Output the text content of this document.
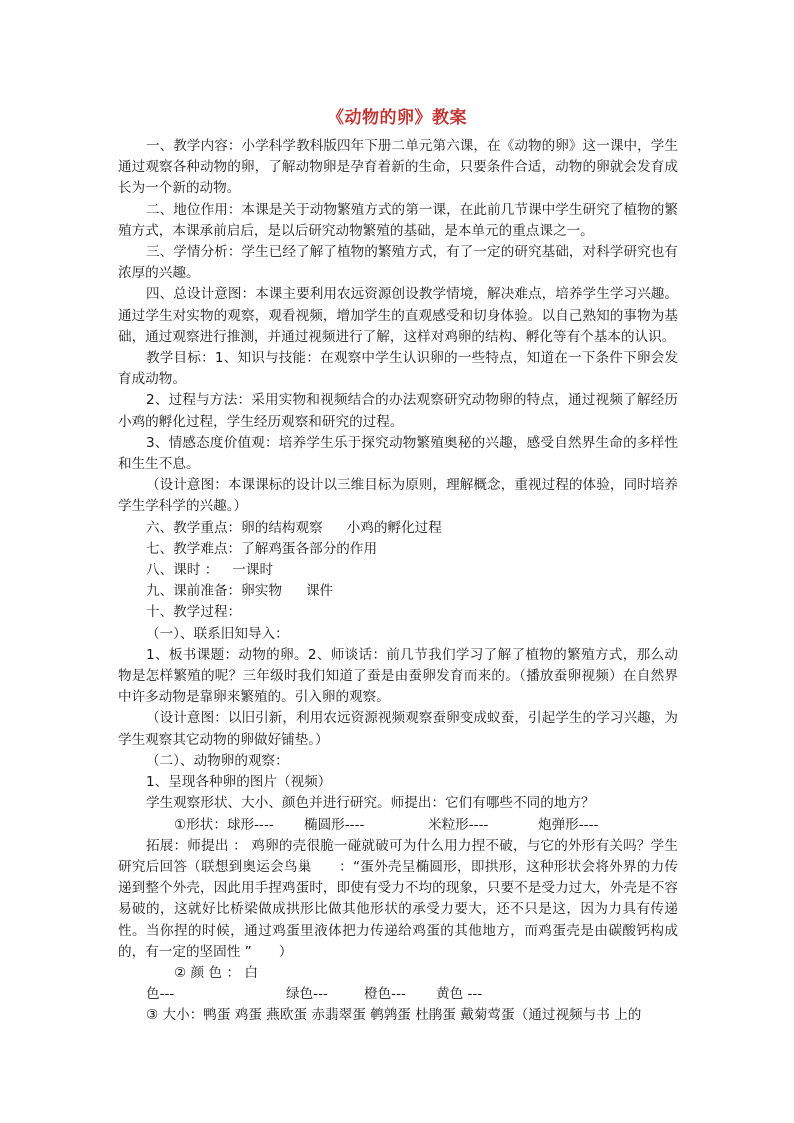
《动物的卵》教案

一、教学内容：小学科学教科版四年下册二单元第六课，在《动物的卵》这一课中，学生通过观察各种动物的卵，了解动物卵是孕育着新的生命，只要条件合适，动物的卵就会发育成长为一个新的动物。

二、地位作用：本课是关于动物繁殖方式的第一课，在此前几节课中学生研究了植物的繁殖方式，本课承前启后，是以后研究动物繁殖的基础，是本单元的重点课之一。

三、学情分析：学生已经了解了植物的繁殖方式，有了一定的研究基础，对科学研究也有浓厚的兴趣。

四、总设计意图：本课主要利用农远资源创设教学情境，解决难点，培养学生学习兴趣。通过学生对实物的观察，观看视频，增加学生的直观感受和切身体验。以自己熟知的事物为基础，通过观察进行推测，并通过视频进行了解，这样对鸡卵的结构、孵化等有个基本的认识。

教学目标：1、知识与技能：在观察中学生认识卵的一些特点，知道在一下条件下卵会发育成动物。

2、过程与方法：采用实物和视频结合的办法观察研究动物卵的特点，通过视频了解经历小鸡的孵化过程，学生经历观察和研究的过程。

3、情感态度价值观：培养学生乐于探究动物繁殖奥秘的兴趣，感受自然界生命的多样性和生生不息。

（设计意图：本课课标的设计以三维目标为原则，理解概念，重视过程的体验，同时培养学生学科学的兴趣。）

六、教学重点：卵的结构观察 小鸡的孵化过程

七、教学难点：了解鸡蛋各部分的作用

八、课时 ： 一课时

九、课前准备：卵实物 课件

十、教学过程：

（一）、联系旧知导入：

1、板书课题：动物的卵。2、师谈话：前几节我们学习了解了植物的繁殖方式，那么动物是怎样繁殖的呢？三年级时我们知道了蚕是由蚕卵发育而来的。（播放蚕卵视频）在自然界中许多动物是靠卵来繁殖的。引入卵的观察。

（设计意图：以旧引新，利用农远资源视频观察蚕卵变成蚁蚕，引起学生的学习兴趣，为学生观察其它动物的卵做好铺垫。）

（二）、动物卵的观察：

1、呈现各种卵的图片（视频）

学生观察形状、大小、颜色并进行研究。师提出：它们有哪些不同的地方？

①形状：球形---- 椭圆形----	米粒形----	炮弹形----

拓展：师提出 ： 鸡卵的壳很脆一碰就破可为什么用力捏不破，与它的外形有关吗？学生研究后回答（联想到奥运会鸟巢　　：“蛋外壳呈椭圆形，即拱形，这种形状会将外界的力传递到整个外壳，因此用手捏鸡蛋时，即使有受力不均的现象，只要不是受力过大，外壳是不容易破的，这就好比桥梁做成拱形比做其他形状的承受力要大，还不只是这，因为力具有传递性。当你捏的时候，通过鸡蛋里液体把力传递给鸡蛋的其他地方，而鸡蛋壳是由碳酸钙构成的，有一定的坚固性 ”　　）

②颜色：白色---	绿色---	橙色--- 黄色 ---

③ 大小：鸭蛋 鸡蛋 燕欧蛋 赤翡翠蛋 鹌鹑蛋 杜鹃蛋 戴菊莺蛋（通过视频与书 上的
